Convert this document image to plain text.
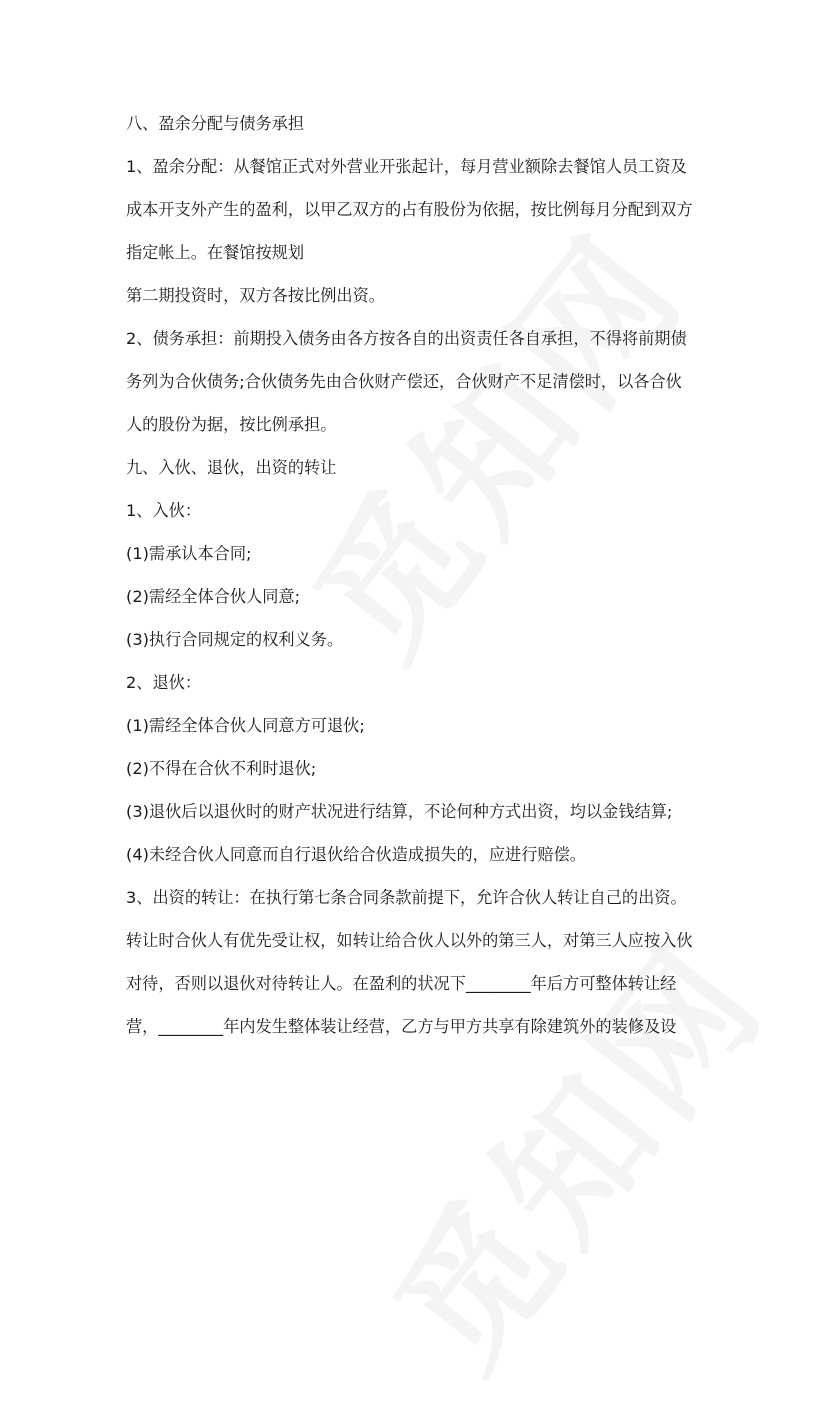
八、盈余分配与债务承担
1、盈余分配：从餐馆正式对外营业开张起计，每月营业额除去餐馆人员工资及
成本开支外产生的盈利，以甲乙双方的占有股份为依据，按比例每月分配到双方
指定帐上。在餐馆按规划
第二期投资时，双方各按比例出资。
2、债务承担：前期投入债务由各方按各自的出资责任各自承担，不得将前期债
务列为合伙债务;合伙债务先由合伙财产偿还，合伙财产不足清偿时，以各合伙
人的股份为据，按比例承担。
九、入伙、退伙，出资的转让
1、入伙：
(1)需承认本合同;
(2)需经全体合伙人同意;
(3)执行合同规定的权利义务。
2、退伙：
(1)需经全体合伙人同意方可退伙;
(2)不得在合伙不利时退伙;
(3)退伙后以退伙时的财产状况进行结算，不论何种方式出资，均以金钱结算;
(4)未经合伙人同意而自行退伙给合伙造成损失的，应进行赔偿。
3、出资的转让：在执行第七条合同条款前提下，允许合伙人转让自己的出资。
转让时合伙人有优先受让权，如转让给合伙人以外的第三人，对第三人应按入伙
对待，否则以退伙对待转让人。在盈利的状况下________年后方可整体转让经
营，________年内发生整体装让经营，乙方与甲方共享有除建筑外的装修及设
